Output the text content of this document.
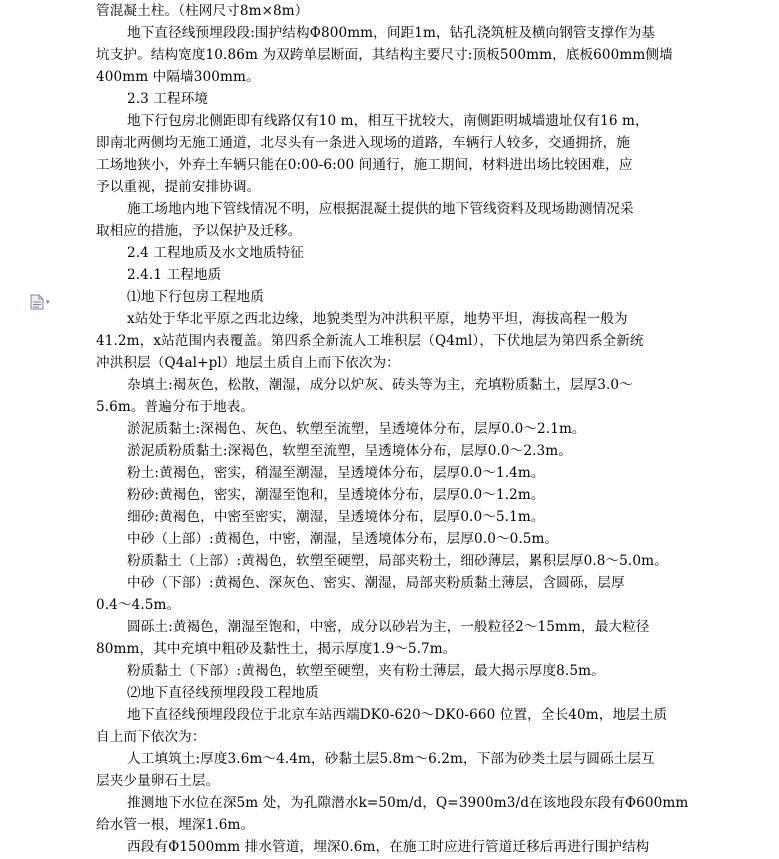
▾
管混凝土柱。（柱网尺寸8m×8m）
地下直径线预埋段段:围护结构Φ800mm，间距1m，钻孔浇筑桩及横向钢管支撑作为基
坑支护。结构宽度10.86m 为双跨单层断面，其结构主要尺寸:顶板500mm，底板600mm侧墙
400mm 中隔墙300mm。
2.3 工程环境
地下行包房北侧距即有线路仅有10 m，相互干扰较大，南侧距明城墙遗址仅有16 m，
即南北两侧均无施工通道，北尽头有一条进入现场的道路，车辆行人较多，交通拥挤，施
工场地狭小，外弃土车辆只能在0:00-6:00 间通行，施工期间，材料进出场比较困难，应
予以重视，提前安排协调。
施工场地内地下管线情况不明，应根据混凝土提供的地下管线资料及现场勘测情况采
取相应的措施，予以保护及迁移。
2.4 工程地质及水文地质特征
2.4.1 工程地质
⑴地下行包房工程地质
x站处于华北平原之西北边缘，地貌类型为冲洪积平原，地势平坦，海拔高程一般为
41.2m，x站范围内表覆盖。第四系全新流人工堆积层（Q4ml），下伏地层为第四系全新统
冲洪积层（Q4al+pl）地层土质自上而下依次为：
杂填土:褐灰色，松散，潮湿，成分以炉灰、砖头等为主，充填粉质黏土，层厚3.0～
5.6m。普遍分布于地表。
淤泥质黏土:深褐色、灰色、软塑至流塑，呈透境体分布，层厚0.0～2.1m。
淤泥质粉质黏土:深褐色，软塑至流塑，呈透境体分布，层厚0.0～2.3m。
粉土:黄褐色，密实，稍湿至潮湿，呈透境体分布，层厚0.0～1.4m。
粉砂:黄褐色，密实，潮湿至饱和，呈透境体分布，层厚0.0～1.2m。
细砂:黄褐色，中密至密实，潮湿，呈透境体分布，层厚0.0～5.1m。
中砂（上部）:黄褐色，中密，潮湿，呈透境体分布，层厚0.0～0.5m。
粉质黏土（上部）:黄褐色，软塑至硬塑，局部夹粉土，细砂薄层，累积层厚0.8～5.0m。
中砂（下部）:黄褐色、深灰色、密实、潮湿，局部夹粉质黏土薄层，含圆砾，层厚
0.4～4.5m。
圆砾土:黄褐色，潮湿至饱和，中密，成分以砂岩为主，一般粒径2～15mm，最大粒径
80mm，其中充填中粗砂及黏性土，揭示厚度1.9～5.7m。
粉质黏土（下部）:黄褐色，软塑至硬塑，夹有粉土薄层，最大揭示厚度8.5m。
⑵地下直径线预埋段段工程地质
地下直径线预埋段段位于北京车站西端DK0-620～DK0-660 位置，全长40m，地层土质
自上而下依次为：
人工填筑土:厚度3.6m～4.4m，砂黏土层5.8m～6.2m，下部为砂类土层与圆砾土层互
层夹少量卵石土层。
推测地下水位在深5m 处，为孔隙潜水k=50m/d，Q=3900m3/d在该地段东段有Φ600mm
给水管一根，埋深1.6m。
西段有Φ1500mm 排水管道，埋深0.6m，在施工时应进行管道迁移后再进行围护结构
